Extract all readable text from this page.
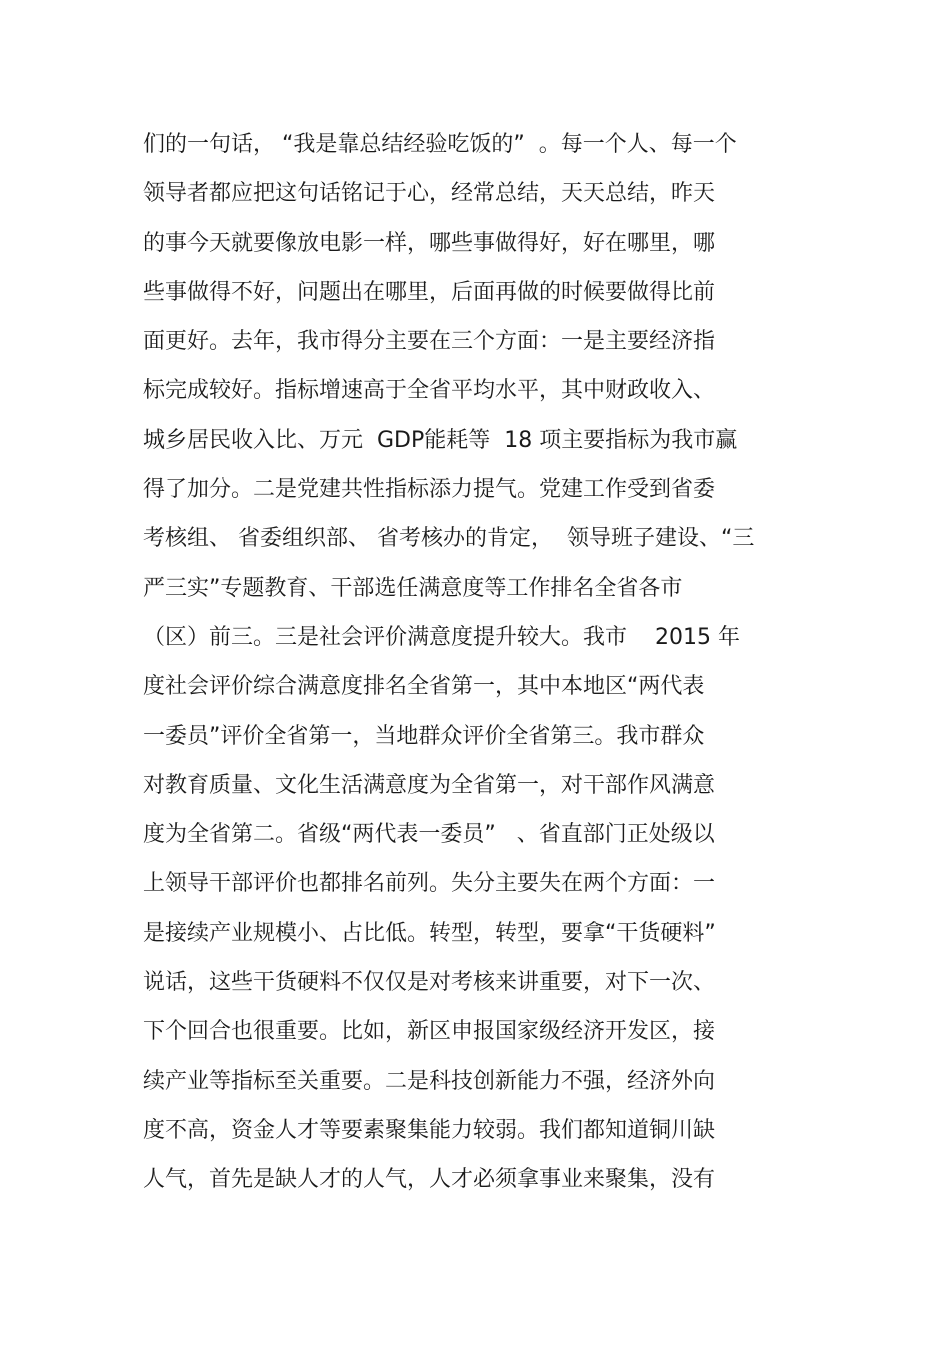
们的一句话， “我是靠总结经验吃饭的”  。每一个人、每一个
领导者都应把这句话铭记于心，经常总结，天天总结，昨天
的事今天就要像放电影一样，哪些事做得好，好在哪里，哪
些事做得不好，问题出在哪里，后面再做的时候要做得比前
面更好。去年，我市得分主要在三个方面：一是主要经济指
标完成较好。指标增速高于全省平均水平，其中财政收入、
城乡居民收入比、万元  GDP能耗等  18 项主要指标为我市赢
得了加分。二是党建共性指标添力提气。党建工作受到省委
考核组、 省委组织部、 省考核办的肯定，  领导班子建设、“三
严三实”专题教育、干部选任满意度等工作排名全省各市
（区）前三。三是社会评价满意度提升较大。我市    2015 年
度社会评价综合满意度排名全省第一，其中本地区“两代表
一委员”评价全省第一，当地群众评价全省第三。我市群众
对教育质量、文化生活满意度为全省第一，对干部作风满意
度为全省第二。省级“两代表一委员”   、省直部门正处级以
上领导干部评价也都排名前列。失分主要失在两个方面：一
是接续产业规模小、占比低。转型，转型，要拿“干货硬料”
说话，这些干货硬料不仅仅是对考核来讲重要，对下一次、
下个回合也很重要。比如，新区申报国家级经济开发区，接
续产业等指标至关重要。二是科技创新能力不强，经济外向
度不高，资金人才等要素聚集能力较弱。我们都知道铜川缺
人气，首先是缺人才的人气，人才必须拿事业来聚集，没有
